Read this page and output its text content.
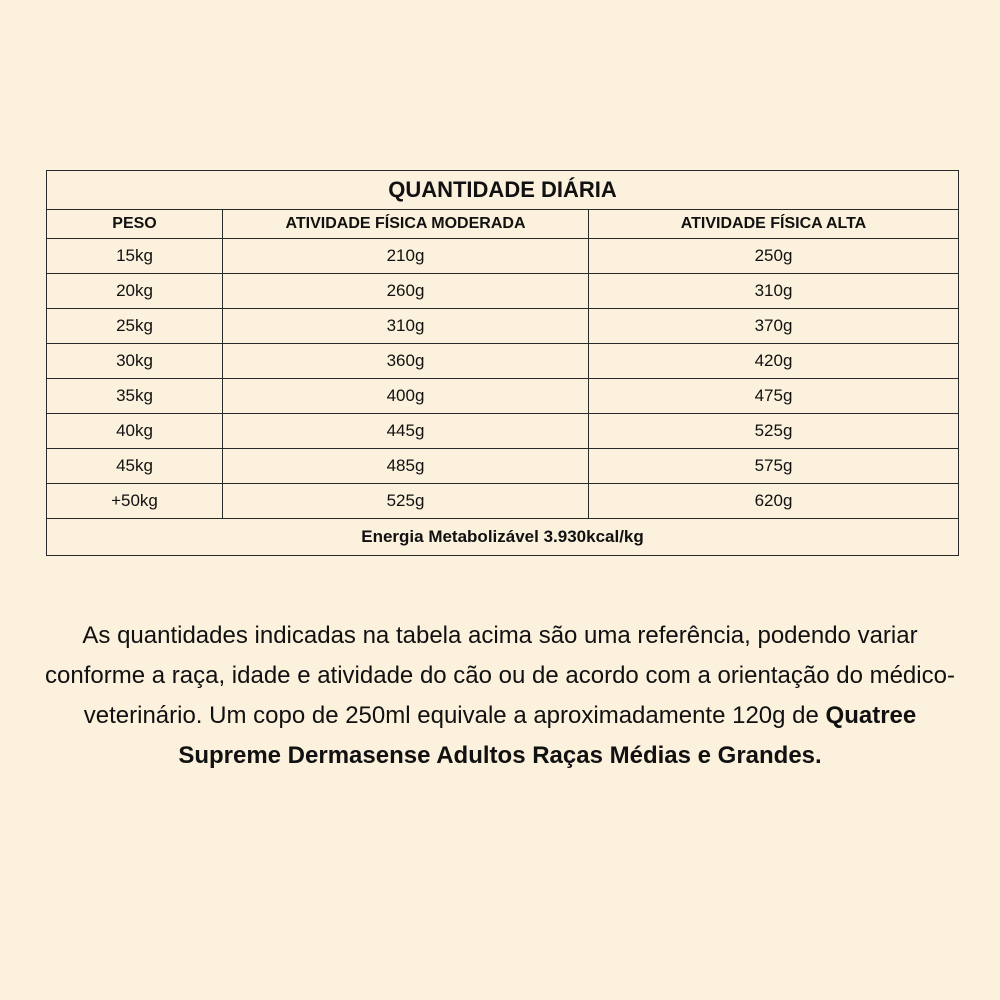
QUANTIDADE DIÁRIA		
PESO	ATIVIDADE FÍSICA MODERADA	ATIVIDADE FÍSICA ALTA
15kg	210g	250g
20kg	260g	310g
25kg	310g	370g
30kg	360g	420g
35kg	400g	475g
40kg	445g	525g
45kg	485g	575g
+50kg	525g	620g
Energia Metabolizável 3.930kcal/kg		

As quantidades indicadas na tabela acima são uma referência, podendo variar conforme a raça, idade e atividade do cão ou de acordo com a orientação do médico-veterinário. Um copo de 250ml equivale a aproximadamente 120g de Quatree Supreme Dermasense Adultos Raças Médias e Grandes.
